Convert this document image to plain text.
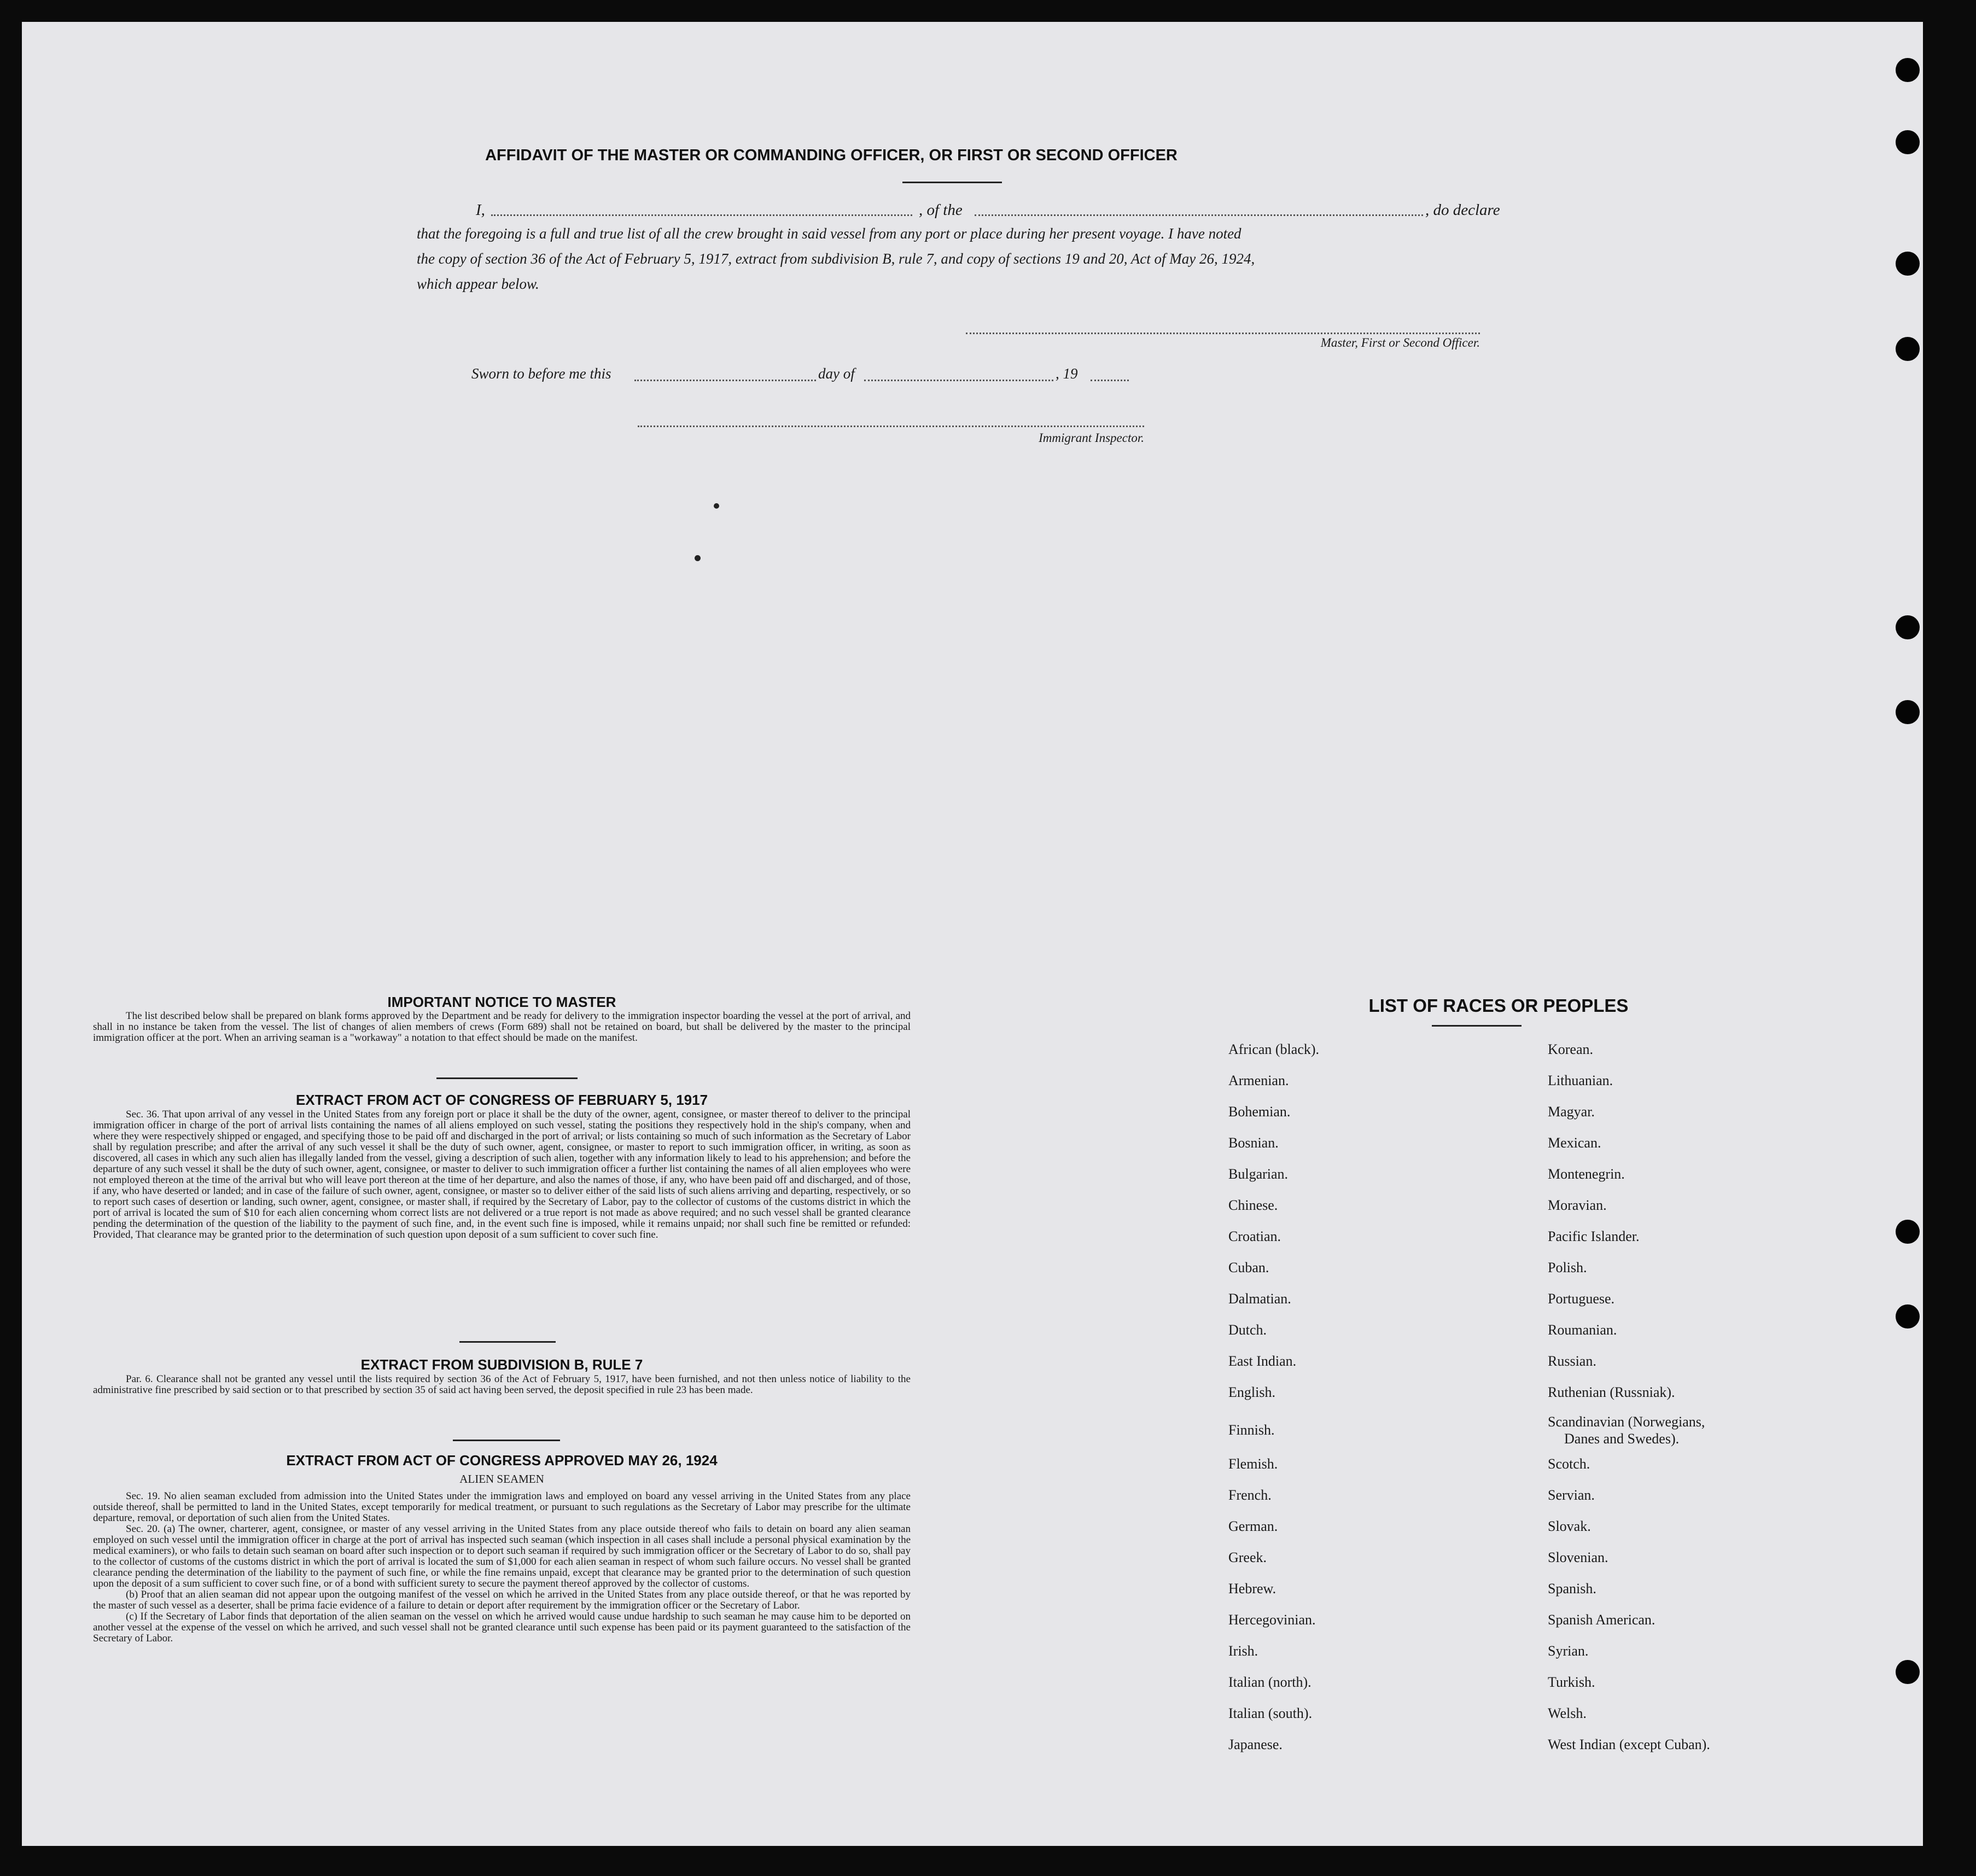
AFFIDAVIT OF THE MASTER OR COMMANDING OFFICER, OR FIRST OR SECOND OFFICER
I,	, of the	, do declare
that the foregoing is a full and true list of all the crew brought in said vessel from any port or place during her present voyage. I have noted
the copy of section 36 of the Act of February 5, 1917, extract from subdivision B, rule 7, and copy of sections 19 and 20, Act of May 26, 1924,
which appear below.
Master, First or Second Officer.
Sworn to before me this	day of	, 19
Immigrant Inspector.
IMPORTANT NOTICE TO MASTER
The list described below shall be prepared on blank forms approved by the Department and be ready for delivery to the immigration inspector boarding the vessel at the port of arrival, and shall in no instance be taken from the vessel. The list of changes of alien members of crews (Form 689) shall not be retained on board, but shall be delivered by the master to the principal immigration officer at the port. When an arriving seaman is a "workaway" a notation to that effect should be made on the manifest.
EXTRACT FROM ACT OF CONGRESS OF FEBRUARY 5, 1917
Sec. 36. That upon arrival of any vessel in the United States from any foreign port or place it shall be the duty of the owner, agent, consignee, or master thereof to deliver to the principal immigration officer in charge of the port of arrival lists containing the names of all aliens employed on such vessel, stating the positions they respectively hold in the ship's company, when and where they were respectively shipped or engaged, and specifying those to be paid off and discharged in the port of arrival; or lists containing so much of such information as the Secretary of Labor shall by regulation prescribe; and after the arrival of any such vessel it shall be the duty of such owner, agent, consignee, or master to report to such immigration officer, in writing, as soon as discovered, all cases in which any such alien has illegally landed from the vessel, giving a description of such alien, together with any information likely to lead to his apprehension; and before the departure of any such vessel it shall be the duty of such owner, agent, consignee, or master to deliver to such immigration officer a further list containing the names of all alien employees who were not employed thereon at the time of the arrival but who will leave port thereon at the time of her departure, and also the names of those, if any, who have been paid off and discharged, and of those, if any, who have deserted or landed; and in case of the failure of such owner, agent, consignee, or master so to deliver either of the said lists of such aliens arriving and departing, respectively, or so to report such cases of desertion or landing, such owner, agent, consignee, or master shall, if required by the Secretary of Labor, pay to the collector of customs of the customs district in which the port of arrival is located the sum of $10 for each alien concerning whom correct lists are not delivered or a true report is not made as above required; and no such vessel shall be granted clearance pending the determination of the question of the liability to the payment of such fine, and, in the event such fine is imposed, while it remains unpaid; nor shall such fine be remitted or refunded: Provided, That clearance may be granted prior to the determination of such question upon deposit of a sum sufficient to cover such fine.
EXTRACT FROM SUBDIVISION B, RULE 7
Par. 6. Clearance shall not be granted any vessel until the lists required by section 36 of the Act of February 5, 1917, have been furnished, and not then unless notice of liability to the administrative fine prescribed by said section or to that prescribed by section 35 of said act having been served, the deposit specified in rule 23 has been made.
EXTRACT FROM ACT OF CONGRESS APPROVED MAY 26, 1924
ALIEN SEAMEN
Sec. 19. No alien seaman excluded from admission into the United States under the immigration laws and employed on board any vessel arriving in the United States from any place outside thereof, shall be permitted to land in the United States, except temporarily for medical treatment, or pursuant to such regulations as the Secretary of Labor may prescribe for the ultimate departure, removal, or deportation of such alien from the United States.
Sec. 20. (a) The owner, charterer, agent, consignee, or master of any vessel arriving in the United States from any place outside thereof who fails to detain on board any alien seaman employed on such vessel until the immigration officer in charge at the port of arrival has inspected such seaman (which inspection in all cases shall include a personal physical examination by the medical examiners), or who fails to detain such seaman on board after such inspection or to deport such seaman if required by such immigration officer or the Secretary of Labor to do so, shall pay to the collector of customs of the customs district in which the port of arrival is located the sum of $1,000 for each alien seaman in respect of whom such failure occurs. No vessel shall be granted clearance pending the determination of the liability to the payment of such fine, or while the fine remains unpaid, except that clearance may be granted prior to the determination of such question upon the deposit of a sum sufficient to cover such fine, or of a bond with sufficient surety to secure the payment thereof approved by the collector of customs.
(b) Proof that an alien seaman did not appear upon the outgoing manifest of the vessel on which he arrived in the United States from any place outside thereof, or that he was reported by the master of such vessel as a deserter, shall be prima facie evidence of a failure to detain or deport after requirement by the immigration officer or the Secretary of Labor.
(c) If the Secretary of Labor finds that deportation of the alien seaman on the vessel on which he arrived would cause undue hardship to such seaman he may cause him to be deported on another vessel at the expense of the vessel on which he arrived, and such vessel shall not be granted clearance until such expense has been paid or its payment guaranteed to the satisfaction of the Secretary of Labor.
LIST OF RACES OR PEOPLES
African (black).
Armenian.
Bohemian.
Bosnian.
Bulgarian.
Chinese.
Croatian.
Cuban.
Dalmatian.
Dutch.
East Indian.
English.
Finnish.
Flemish.
French.
German.
Greek.
Hebrew.
Hercegovinian.
Irish.
Italian (north).
Italian (south).
Japanese.
Korean.
Lithuanian.
Magyar.
Mexican.
Montenegrin.
Moravian.
Pacific Islander.
Polish.
Portuguese.
Roumanian.
Russian.
Ruthenian (Russniak).
Scandinavian (Norwegians,
Danes and Swedes).
Scotch.
Servian.
Slovak.
Slovenian.
Spanish.
Spanish American.
Syrian.
Turkish.
Welsh.
West Indian (except Cuban).
